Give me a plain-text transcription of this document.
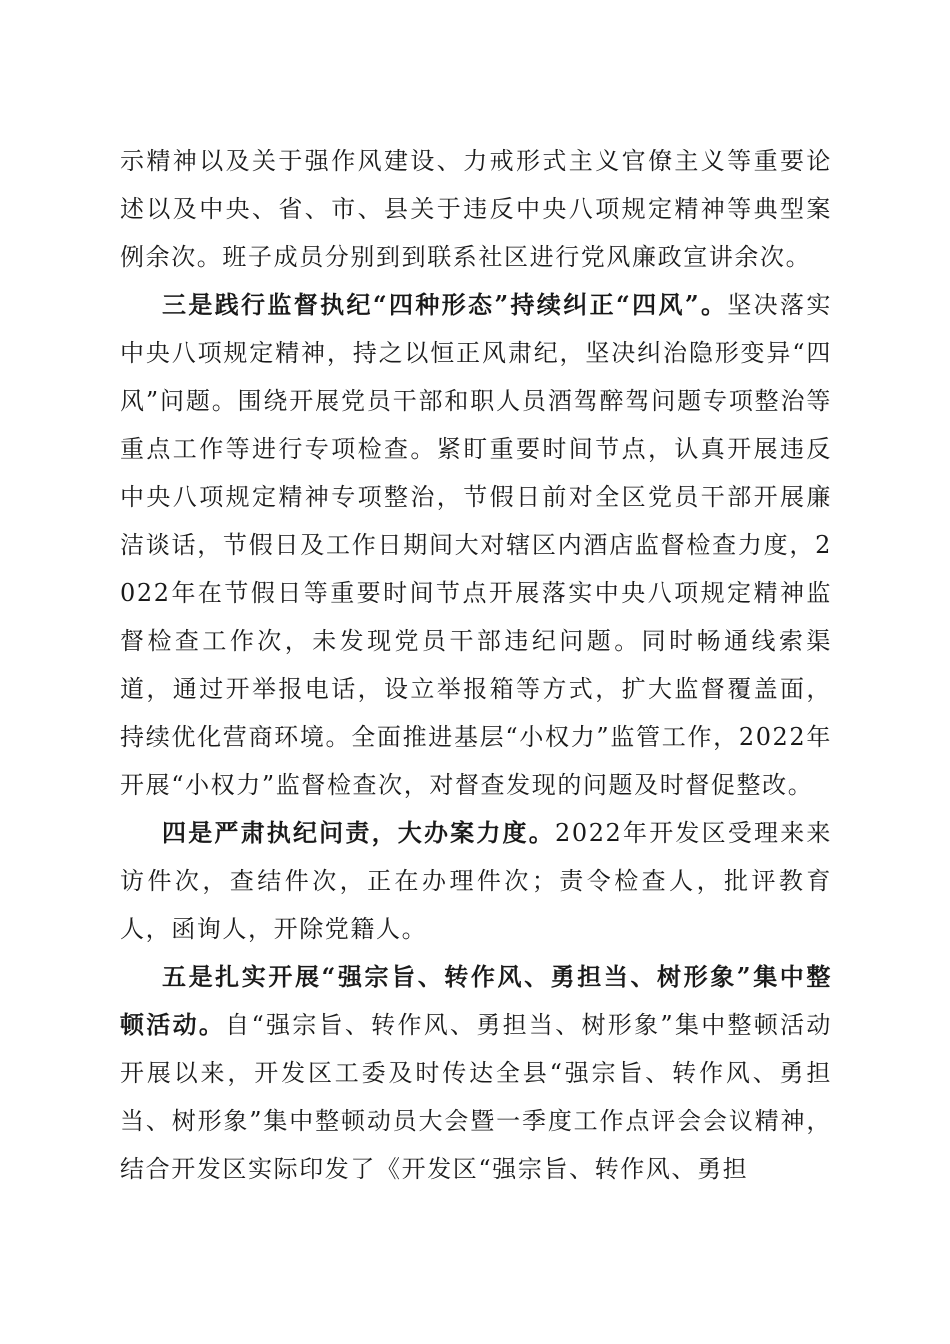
示精神以及关于强作风建设、力戒形式主义官僚主义等重要论述以及中央、省、市、县关于违反中央八项规定精神等典型案例余次。班子成员分别到到联系社区进行党风廉政宣讲余次。

三是践行监督执纪“四种形态”持续纠正“四风”。坚决落实中央八项规定精神，持之以恒正风肃纪，坚决纠治隐形变异“四风”问题。围绕开展党员干部和职人员酒驾醉驾问题专项整治等重点工作等进行专项检查。紧盯重要时间节点，认真开展违反中央八项规定精神专项整治，节假日前对全区党员干部开展廉洁谈话，节假日及工作日期间大对辖区内酒店监督检查力度，2022年在节假日等重要时间节点开展落实中央八项规定精神监督检查工作次，未发现党员干部违纪问题。同时畅通线索渠道，通过开举报电话，设立举报箱等方式，扩大监督覆盖面，持续优化营商环境。全面推进基层“小权力”监管工作，2022年开展“小权力”监督检查次，对督查发现的问题及时督促整改。

四是严肃执纪问责，大办案力度。2022年开发区受理来来访件次，查结件次，正在办理件次；责令检查人，批评教育人，函询人，开除党籍人。

五是扎实开展“强宗旨、转作风、勇担当、树形象”集中整顿活动。自“强宗旨、转作风、勇担当、树形象”集中整顿活动开展以来，开发区工委及时传达全县“强宗旨、转作风、勇担当、树形象”集中整顿动员大会暨一季度工作点评会会议精神，结合开发区实际印发了《开发区“强宗旨、转作风、勇担
